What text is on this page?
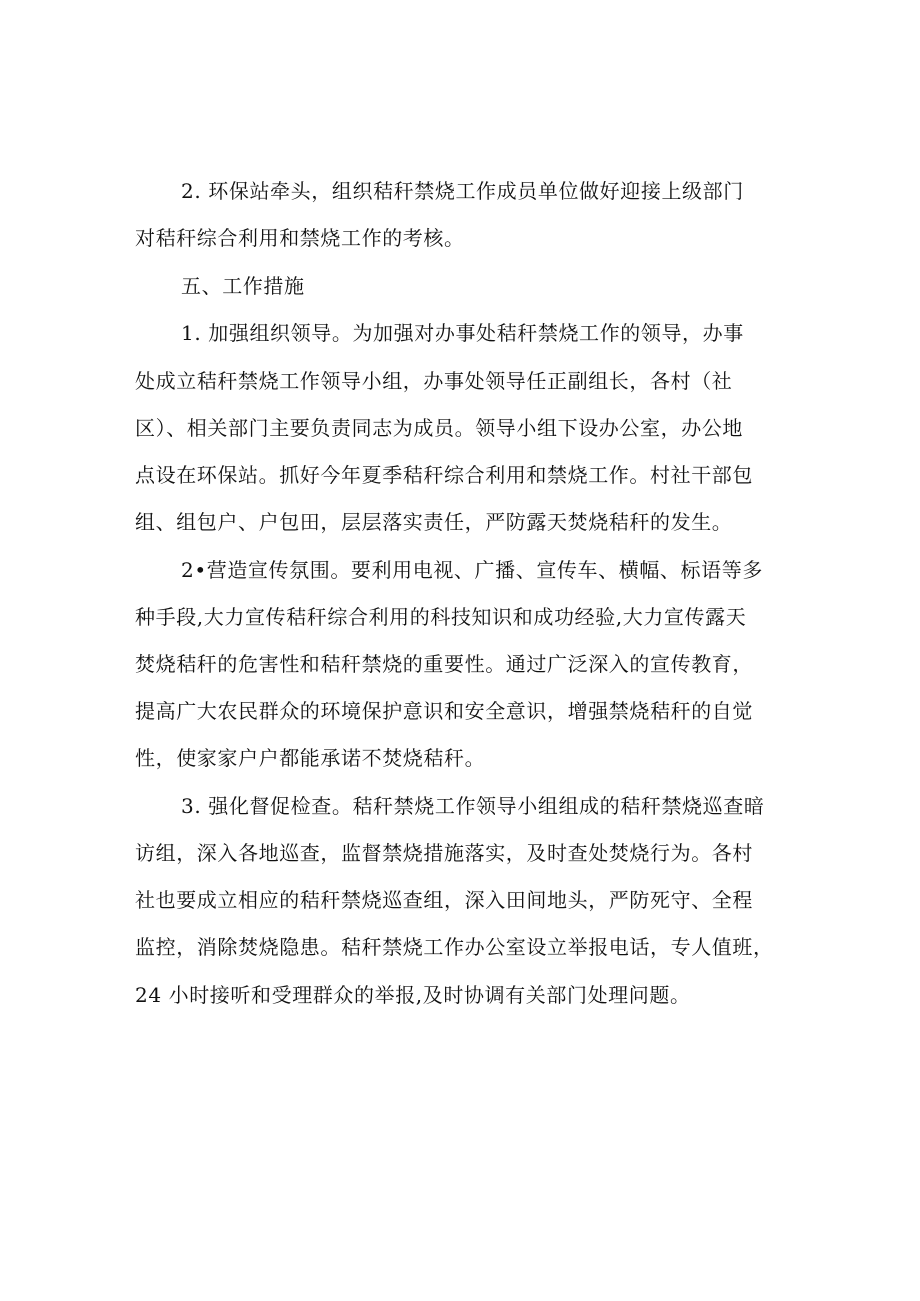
2. 环保站牵头，组织秸秆禁烧工作成员单位做好迎接上级部门
对秸秆综合利用和禁烧工作的考核。
五、工作措施
1. 加强组织领导。为加强对办事处秸秆禁烧工作的领导，办事
处成立秸秆禁烧工作领导小组，办事处领导任正副组长，各村（社
区）、相关部门主要负责同志为成员。领导小组下设办公室，办公地
点设在环保站。抓好今年夏季秸秆综合利用和禁烧工作。村社干部包
组、组包户、户包田，层层落实责任，严防露天焚烧秸秆的发生。
2•营造宣传氛围。要利用电视、广播、宣传车、横幅、标语等多
种手段,大力宣传秸秆综合利用的科技知识和成功经验,大力宣传露天
焚烧秸秆的危害性和秸秆禁烧的重要性。通过广泛深入的宣传教育，
提高广大农民群众的环境保护意识和安全意识，增强禁烧秸秆的自觉
性，使家家户户都能承诺不焚烧秸秆。
3. 强化督促检查。秸秆禁烧工作领导小组组成的秸秆禁烧巡查暗
访组，深入各地巡查，监督禁烧措施落实，及时查处焚烧行为。各村
社也要成立相应的秸秆禁烧巡查组，深入田间地头，严防死守、全程
监控，消除焚烧隐患。秸秆禁烧工作办公室设立举报电话，专人值班，
24 小时接听和受理群众的举报,及时协调有关部门处理问题。
